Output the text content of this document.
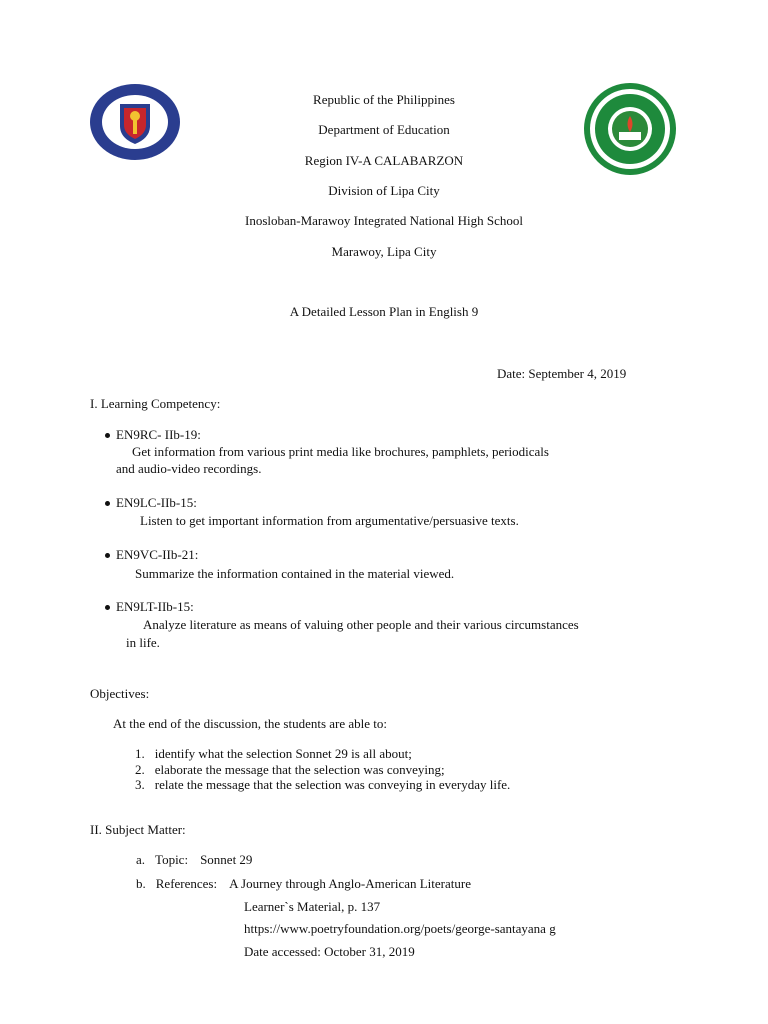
Republic of the Philippines
Department of Education
Region IV-A CALABARZON
Division of Lipa City
Inosloban-Marawoy Integrated National High School
Marawoy, Lipa City
A Detailed Lesson Plan in English 9
Date: September 4, 2019
I. Learning Competency:
EN9RC- IIb-19:
Get information from various print media like brochures, pamphlets, periodicals
and audio-video recordings.
EN9LC-IIb-15:
Listen to get important information from argumentative/persuasive texts.
EN9VC-IIb-21:
Summarize the information contained in the material viewed.
EN9LT-IIb-15:
Analyze literature as means of valuing other people and their various circumstances
in life.
Objectives:
At the end of the discussion, the students are able to:
1. identify what the selection Sonnet 29 is all about;
2. elaborate the message that the selection was conveying;
3. relate the message that the selection was conveying in everyday life.
II. Subject Matter:
a. Topic: Sonnet 29
b. References: A Journey through Anglo-American Literature
Learner`s Material, p. 137
https://www.poetryfoundation.org/poets/george-santayana g
Date accessed: October 31, 2019
